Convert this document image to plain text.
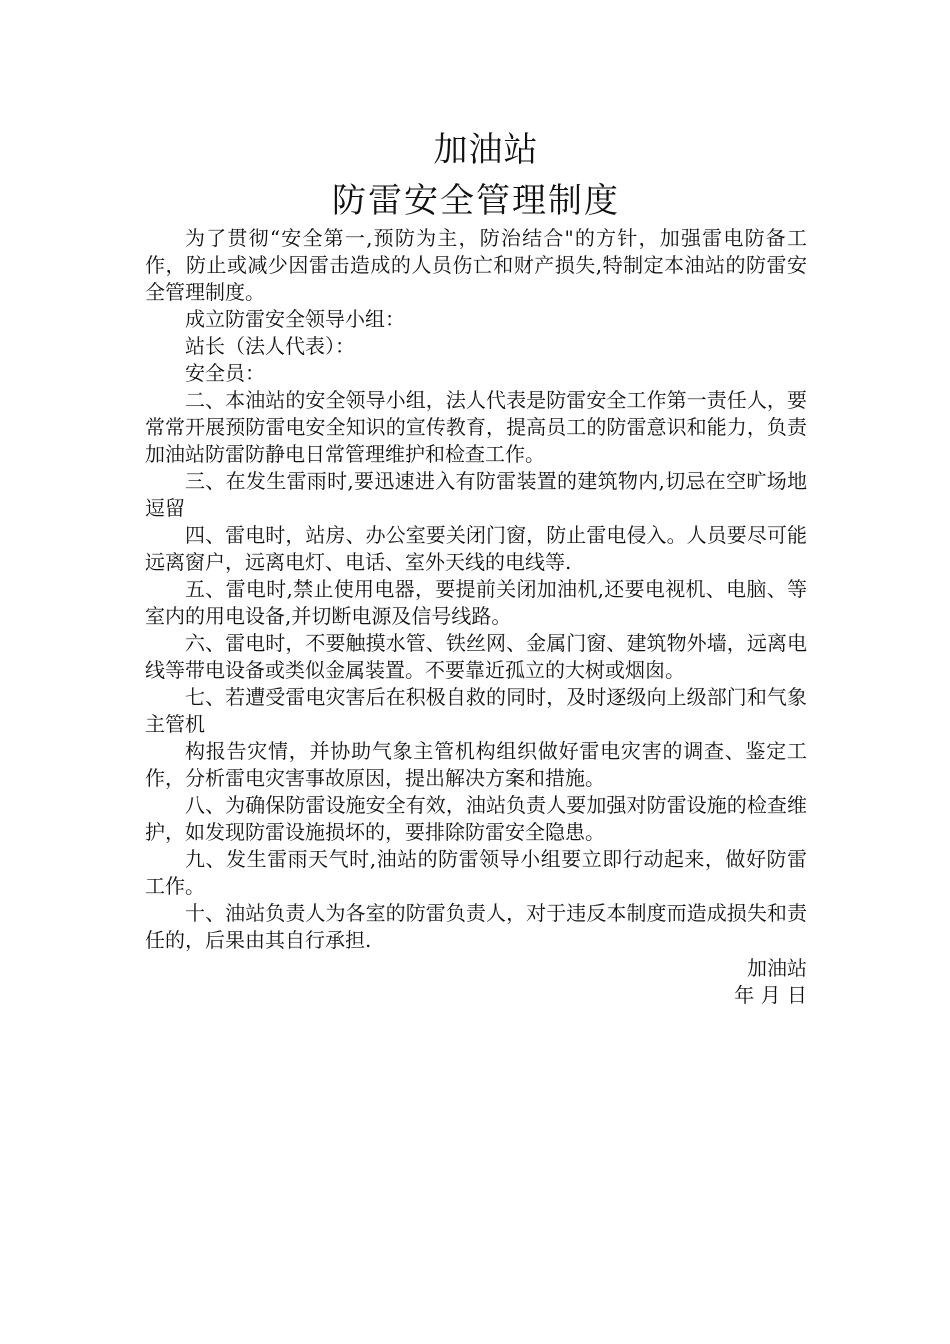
加油站
防雷安全管理制度

为了贯彻“安全第一,预防为主，防治结合"的方针，加强雷电防备工作，防止或减少因雷击造成的人员伤亡和财产损失,特制定本油站的防雷安全管理制度。

成立防雷安全领导小组：

站长（法人代表）：

安全员：

二、本油站的安全领导小组，法人代表是防雷安全工作第一责任人，要常常开展预防雷电安全知识的宣传教育，提高员工的防雷意识和能力，负责加油站防雷防静电日常管理维护和检查工作。

三、在发生雷雨时,要迅速进入有防雷装置的建筑物内,切忌在空旷场地逗留

四、雷电时，站房、办公室要关闭门窗，防止雷电侵入。人员要尽可能远离窗户，远离电灯、电话、室外天线的电线等.

五、雷电时,禁止使用电器，要提前关闭加油机,还要电视机、电脑、等室内的用电设备,并切断电源及信号线路。

六、雷电时，不要触摸水管、铁丝网、金属门窗、建筑物外墙，远离电线等带电设备或类似金属装置。不要靠近孤立的大树或烟囱。

七、若遭受雷电灾害后在积极自救的同时，及时逐级向上级部门和气象主管机

构报告灾情，并协助气象主管机构组织做好雷电灾害的调查、鉴定工作，分析雷电灾害事故原因，提出解决方案和措施。

八、为确保防雷设施安全有效，油站负责人要加强对防雷设施的检查维护，如发现防雷设施损坏的，要排除防雷安全隐患。

九、发生雷雨天气时,油站的防雷领导小组要立即行动起来，做好防雷工作。

十、油站负责人为各室的防雷负责人，对于违反本制度而造成损失和责任的，后果由其自行承担.

加油站
年 月 日
